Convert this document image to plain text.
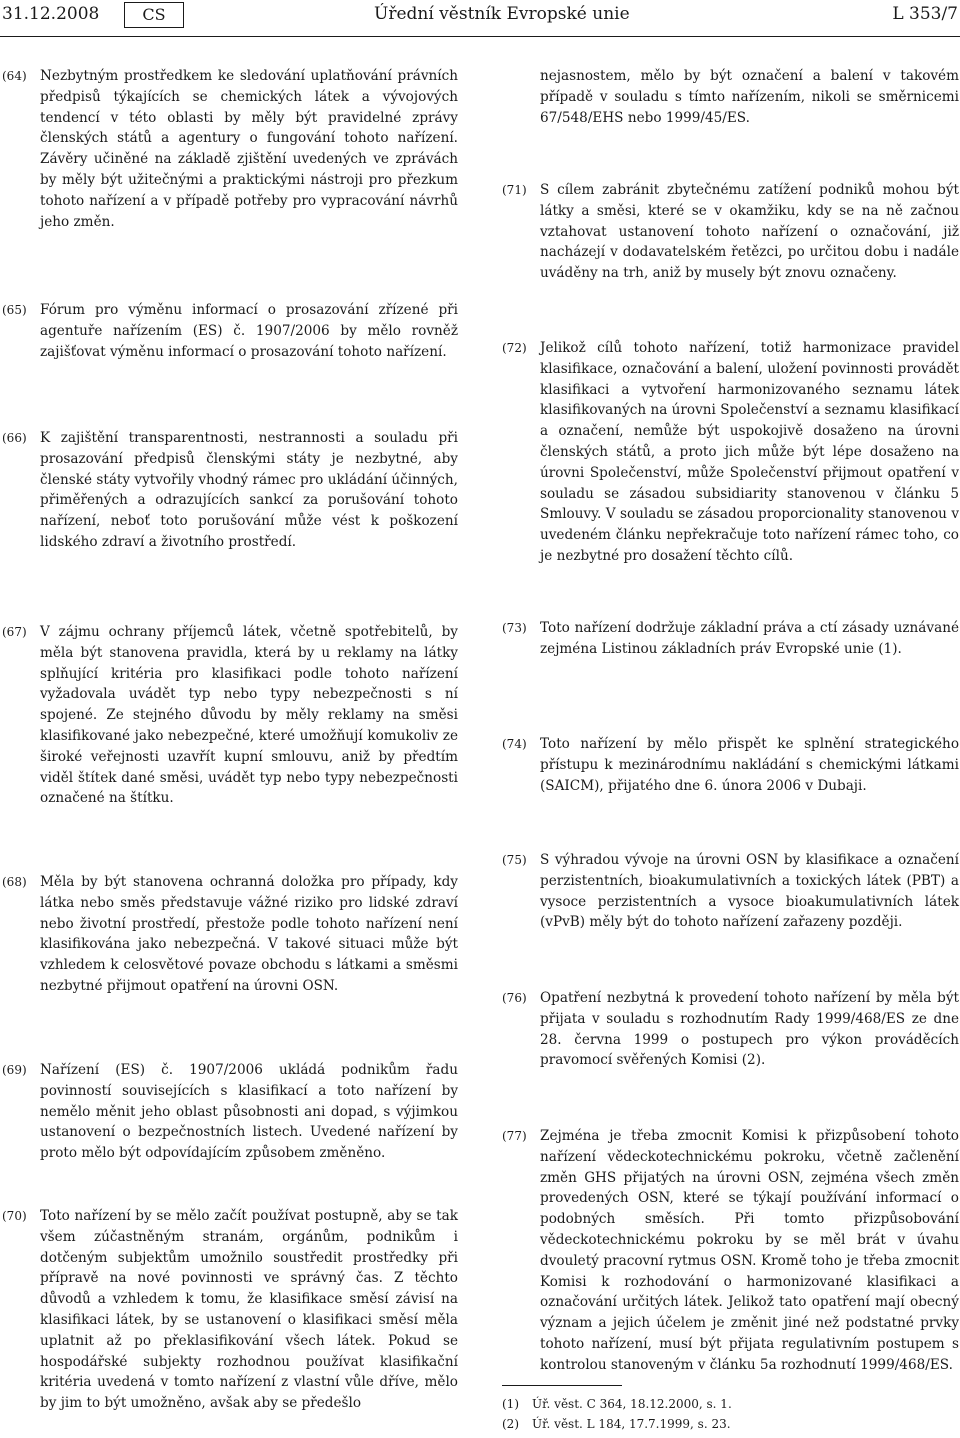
31.12.2008	CS	Úřední věstník Evropské unie	L 353/7
(64) Nezbytným prostředkem ke sledování uplatňování právních předpisů týkajících se chemických látek a vývojových tendencí v této oblasti by měly být pravidelné zprávy členských států a agentury o fungování tohoto nařízení. Závěry učiněné na základě zjištění uvedených ve zprávách by měly být užitečnými a praktickými nástroji pro přezkum tohoto nařízení a v případě potřeby pro vypracování návrhů jeho změn.
(65) Fórum pro výměnu informací o prosazování zřízené při agentuře nařízením (ES) č. 1907/2006 by mělo rovněž zajišťovat výměnu informací o prosazování tohoto nařízení.
(66) K zajištění transparentnosti, nestrannosti a souladu při prosazování předpisů členskými státy je nezbytné, aby členské státy vytvořily vhodný rámec pro ukládání účinných, přiměřených a odrazujících sankcí za porušování tohoto nařízení, neboť toto porušování může vést k poškození lidského zdraví a životního prostředí.
(67) V zájmu ochrany příjemců látek, včetně spotřebitelů, by měla být stanovena pravidla, která by u reklamy na látky splňující kritéria pro klasifikaci podle tohoto nařízení vyžadovala uvádět typ nebo typy nebezpečnosti s ní spojené. Ze stejného důvodu by měly reklamy na směsi klasifikované jako nebezpečné, které umožňují komukoliv ze široké veřejnosti uzavřít kupní smlouvu, aniž by předtím viděl štítek dané směsi, uvádět typ nebo typy nebezpečnosti označené na štítku.
(68) Měla by být stanovena ochranná doložka pro případy, kdy látka nebo směs představuje vážné riziko pro lidské zdraví nebo životní prostředí, přestože podle tohoto nařízení není klasifikována jako nebezpečná. V takové situaci může být vzhledem k celosvětové povaze obchodu s látkami a směsmi nezbytné přijmout opatření na úrovni OSN.
(69) Nařízení (ES) č. 1907/2006 ukládá podnikům řadu povinností souvisejících s klasifikací a toto nařízení by nemělo měnit jeho oblast působnosti ani dopad, s výjimkou ustanovení o bezpečnostních listech. Uvedené nařízení by proto mělo být odpovídajícím způsobem změněno.
(70) Toto nařízení by se mělo začít používat postupně, aby se tak všem zúčastněným stranám, orgánům, podnikům i dotčeným subjektům umožnilo soustředit prostředky při přípravě na nové povinnosti ve správný čas. Z těchto důvodů a vzhledem k tomu, že klasifikace směsí závisí na klasifikaci látek, by se ustanovení o klasifikaci směsí měla uplatnit až po překlasifikování všech látek. Pokud se hospodářské subjekty rozhodnou používat klasifikační kritéria uvedená v tomto nařízení z vlastní vůle dříve, mělo by jim to být umožněno, avšak aby se předešlo
nejasnostem, mělo by být označení a balení v takovém případě v souladu s tímto nařízením, nikoli se směrnicemi 67/548/EHS nebo 1999/45/ES.
(71) S cílem zabránit zbytečnému zatížení podniků mohou být látky a směsi, které se v okamžiku, kdy se na ně začnou vztahovat ustanovení tohoto nařízení o označování, již nacházejí v dodavatelském řetězci, po určitou dobu i nadále uváděny na trh, aniž by musely být znovu označeny.
(72) Jelikož cílů tohoto nařízení, totiž harmonizace pravidel klasifikace, označování a balení, uložení povinnosti provádět klasifikaci a vytvoření harmonizovaného seznamu látek klasifikovaných na úrovni Společenství a seznamu klasifikací a označení, nemůže být uspokojivě dosaženo na úrovni členských států, a proto jich může být lépe dosaženo na úrovni Společenství, může Společenství přijmout opatření v souladu se zásadou subsidiarity stanovenou v článku 5 Smlouvy. V souladu se zásadou proporcionality stanovenou v uvedeném článku nepřekračuje toto nařízení rámec toho, co je nezbytné pro dosažení těchto cílů.
(73) Toto nařízení dodržuje základní práva a ctí zásady uznávané zejména Listinou základních práv Evropské unie (1).
(74) Toto nařízení by mělo přispět ke splnění strategického přístupu k mezinárodnímu nakládání s chemickými látkami (SAICM), přijatého dne 6. února 2006 v Dubaji.
(75) S výhradou vývoje na úrovni OSN by klasifikace a označení perzistentních, bioakumulativních a toxických látek (PBT) a vysoce perzistentních a vysoce bioakumulativních látek (vPvB) měly být do tohoto nařízení zařazeny později.
(76) Opatření nezbytná k provedení tohoto nařízení by měla být přijata v souladu s rozhodnutím Rady 1999/468/ES ze dne 28. června 1999 o postupech pro výkon prováděcích pravomocí svěřených Komisi (2).
(77) Zejména je třeba zmocnit Komisi k přizpůsobení tohoto nařízení vědeckotechnickému pokroku, včetně začlenění změn GHS přijatých na úrovni OSN, zejména všech změn provedených OSN, které se týkají používání informací o podobných směsích. Při tomto přizpůsobování vědeckotechnickému pokroku by se měl brát v úvahu dvouletý pracovní rytmus OSN. Kromě toho je třeba zmocnit Komisi k rozhodování o harmonizované klasifikaci a označování určitých látek. Jelikož tato opatření mají obecný význam a jejich účelem je změnit jiné než podstatné prvky tohoto nařízení, musí být přijata regulativním postupem s kontrolou stanoveným v článku 5a rozhodnutí 1999/468/ES.
(1) Úř. věst. C 364, 18.12.2000, s. 1.
(2) Úř. věst. L 184, 17.7.1999, s. 23.
